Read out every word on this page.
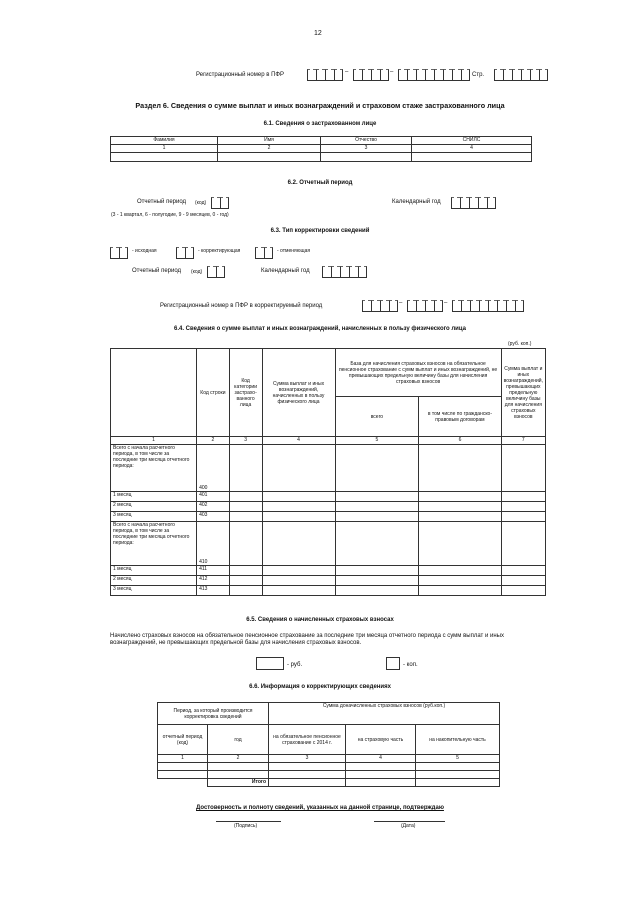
12
Регистрационный номер в ПФР	–	–	Стр.
Раздел 6. Сведения о сумме выплат и иных вознаграждений и страховом стаже застрахованного лица
6.1. Сведения о застрахованном лице
Фамилия	Имя	Отчество	СНИЛС
1	2	3	4

6.2. Отчетный период
Отчетный период (код)	Календарный год
(3 - 1 квартал, 6 - полугодие, 9 - 9 месяцев, 0 - год)
6.3. Тип корректировки сведений
- исходная	- корректирующая	- отменяющая
Отчетный период (код)	Календарный год
Регистрационный номер в ПФР в корректируемый период	–	–
6.4. Сведения о сумме выплат и иных вознаграждений, начисленных в пользу физического лица
(руб. коп.)
	Код строки	Код категории застрахо-ванного лица	Сумма выплат и иных вознаграждений, начисленных в пользу физического лица	База для начисления страховых взносов на обязательное пенсионное страхование с сумм выплат и иных вознаграждений, не превышающих предельную величину базы для начисления страховых взносов		Сумма выплат и иных вознаграждений, превышающих предельную величину базы для начисления страховых взносов
				всего	в том числе по гражданско-правовым договорам	
1	2	3	4	5	6	7
Всего с начала расчетного периода, в том числе за последние три месяца отчетного периода:	400					
1 месяц	401					
2 месяц	402					
3 месяц	403					
Всего с начала расчетного периода, в том числе за последние три месяца отчетного периода:	410					
1 месяц	411					
2 месяц	412					
3 месяц	413					
6.5. Сведения о начисленных страховых взносах
Начислено страховых взносов на обязательное пенсионное страхование за последние три месяца отчетного периода с сумм выплат и иных вознаграждений, не превышающих предельной базы для начисления страховых взносов.
- руб.	- коп.
6.6. Информация о корректирующих сведениях
Период, за который производится корректировка сведений		Сумма доначисленных страховых взносов (руб.коп.)		
отчетный период (код)	год	на обязательное пенсионное страхование с 2014 г.	на страховую часть	на накопительную часть
1	2	3	4	5

	Итого			
Достоверность и полноту сведений, указанных на данной странице, подтверждаю
(Подпись)	(Дата)
